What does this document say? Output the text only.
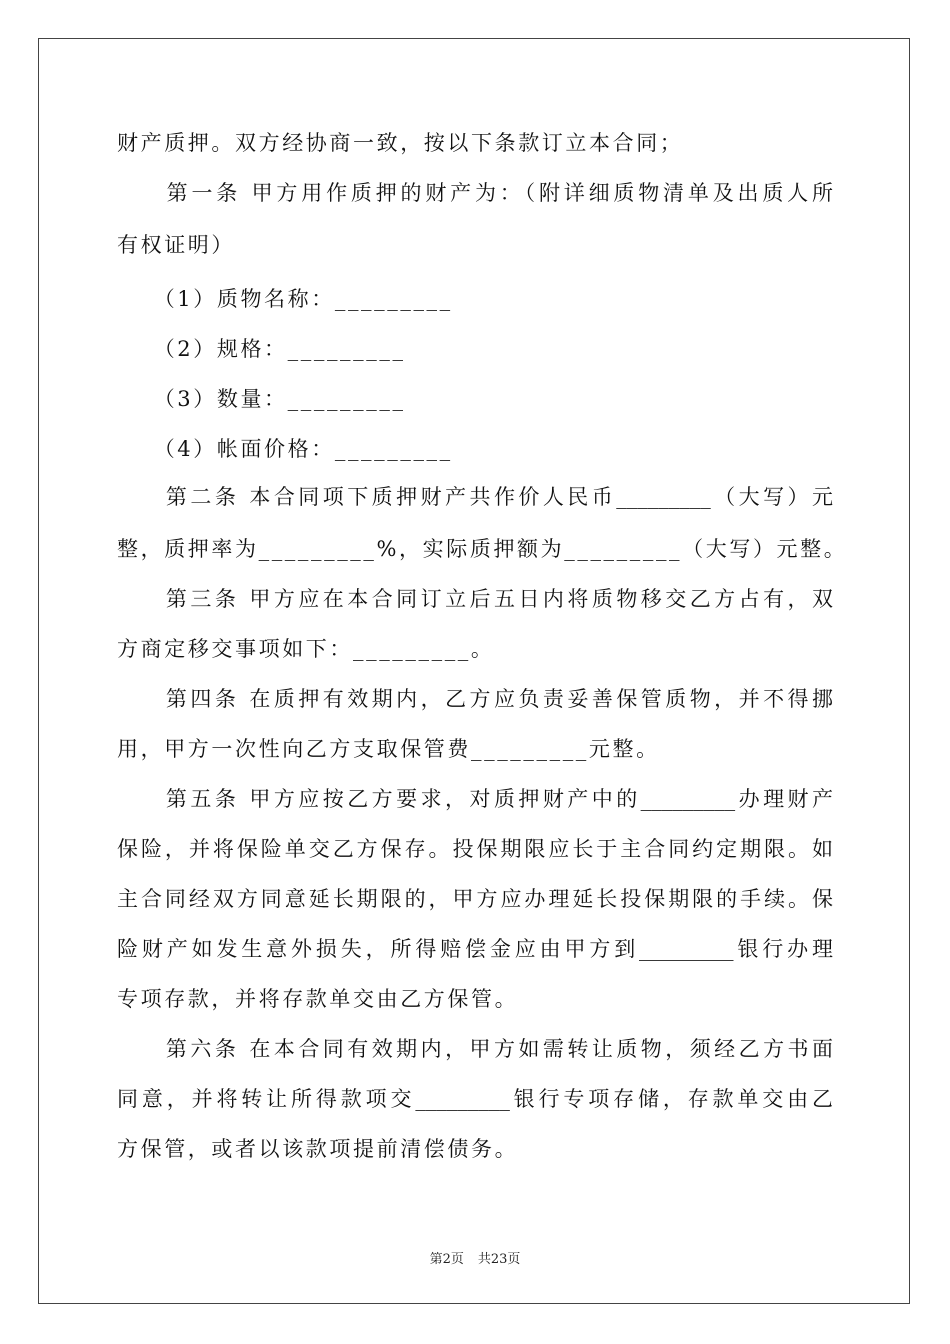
财产质押。双方经协商一致，按以下条款订立本合同；
　　第一条 甲方用作质押的财产为：（附详细质物清单及出质人所
有权证明）
　　（1）质物名称：_________
　　（2）规格：_________
　　（3）数量：_________
　　（4）帐面价格：_________
　　第二条 本合同项下质押财产共作价人民币_________（大写）元
整，质押率为_________%，实际质押额为_________（大写）元整。
　　第三条 甲方应在本合同订立后五日内将质物移交乙方占有，双
方商定移交事项如下：_________。
　　第四条 在质押有效期内，乙方应负责妥善保管质物，并不得挪
用，甲方一次性向乙方支取保管费_________元整。
　　第五条 甲方应按乙方要求，对质押财产中的_________办理财产
保险，并将保险单交乙方保存。投保期限应长于主合同约定期限。如
主合同经双方同意延长期限的，甲方应办理延长投保期限的手续。保
险财产如发生意外损失，所得赔偿金应由甲方到_________银行办理
专项存款，并将存款单交由乙方保管。
　　第六条 在本合同有效期内，甲方如需转让质物，须经乙方书面
同意，并将转让所得款项交_________银行专项存储，存款单交由乙
方保管，或者以该款项提前清偿债务。
第2页 共23页
